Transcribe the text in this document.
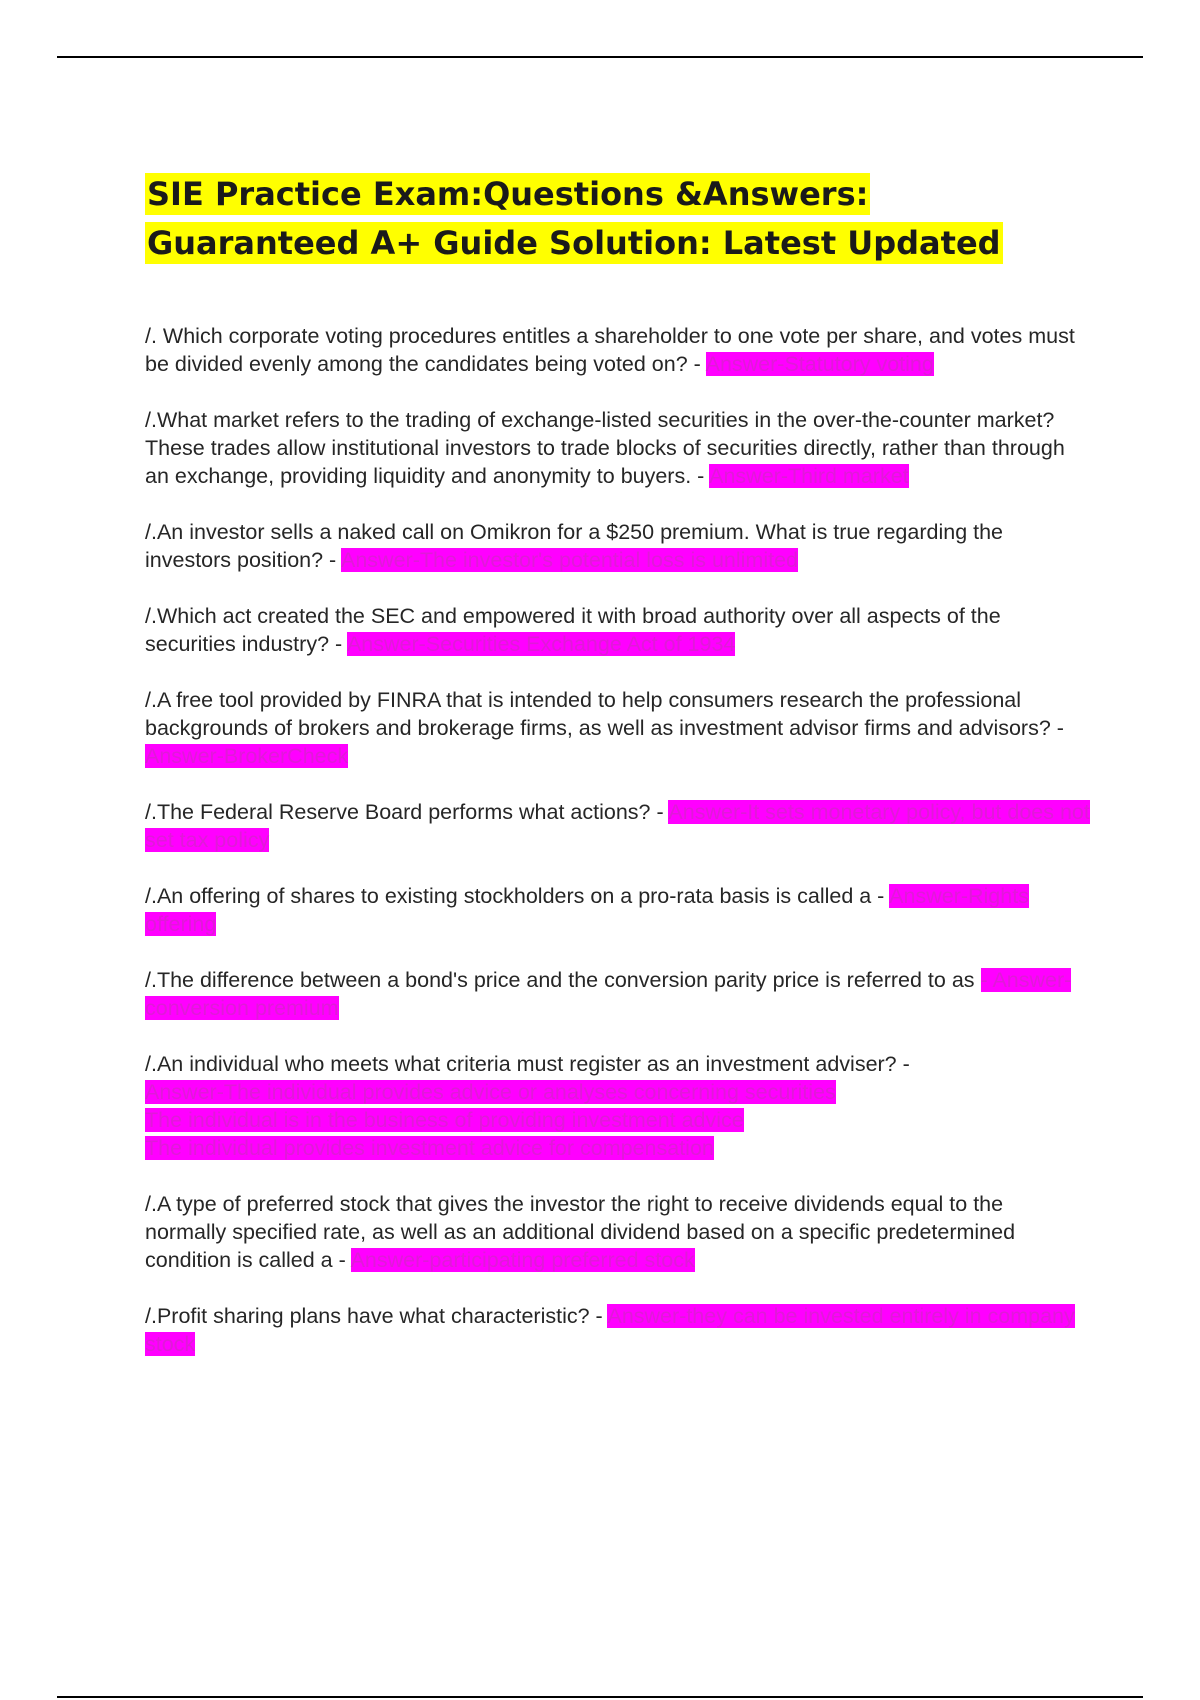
SIE Practice Exam:Questions &Answers: Guaranteed A+ Guide Solution: Latest Updated

/. Which corporate voting procedures entitles a shareholder to one vote per share, and votes must be divided evenly among the candidates being voted on? - Answer-Statutory voting

/.What market refers to the trading of exchange-listed securities in the over-the-counter market? These trades allow institutional investors to trade blocks of securities directly, rather than through an exchange, providing liquidity and anonymity to buyers. - Answer-Third market

/.An investor sells a naked call on Omikron for a $250 premium. What is true regarding the investors position? - Answer-The investor's potential loss is unlimited

/.Which act created the SEC and empowered it with broad authority over all aspects of the securities industry? - Answer-Securities Exchange Act of 1934

/.A free tool provided by FINRA that is intended to help consumers research the professional backgrounds of brokers and brokerage firms, as well as investment advisor firms and advisors? - Answer-BrokerCheck

/.The Federal Reserve Board performs what actions? - Answer-It sets monetary policy, but does not set tax policy

/.An offering of shares to existing stockholders on a pro-rata basis is called a - Answer-Rights offering

/.The difference between a bond's price and the conversion parity price is referred to as - Answer-conversion premium

/.An individual who meets what criteria must register as an investment adviser? -
Answer-The individual provides advice or analyses concerning securities
The individual is in the business of providing investment advice
The individual provides investment advice for compensation

/.A type of preferred stock that gives the investor the right to receive dividends equal to the normally specified rate, as well as an additional dividend based on a specific predetermined condition is called a - Answer-participating preferred stock

/.Profit sharing plans have what characteristic? - Answer-they can be invested entirely in company stock
